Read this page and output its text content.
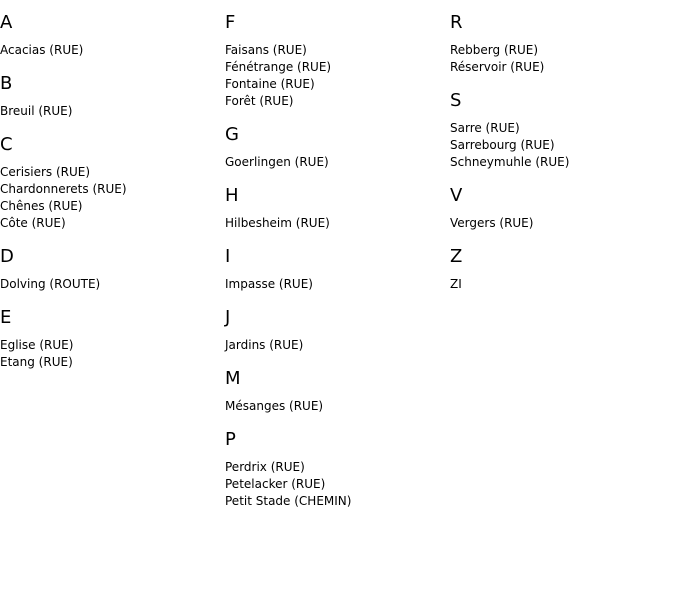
A
Acacias (RUE)
B
Breuil (RUE)
C
Cerisiers (RUE)
Chardonnerets (RUE)
Chênes (RUE)
Côte (RUE)
D
Dolving (ROUTE)
E
Eglise (RUE)
Etang (RUE)
F
Faisans (RUE)
Fénétrange (RUE)
Fontaine (RUE)
Forêt (RUE)
G
Goerlingen (RUE)
H
Hilbesheim (RUE)
I
Impasse (RUE)
J
Jardins (RUE)
M
Mésanges (RUE)
P
Perdrix (RUE)
Petelacker (RUE)
Petit Stade (CHEMIN)
R
Rebberg (RUE)
Réservoir (RUE)
S
Sarre (RUE)
Sarrebourg (RUE)
Schneymuhle (RUE)
V
Vergers (RUE)
Z
ZI
